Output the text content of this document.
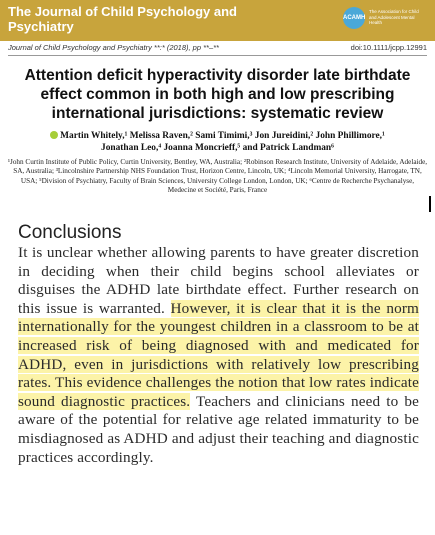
The Journal of Child Psychology and Psychiatry
ACAMH
The Association for Child and Adolescent Mental Health
Journal of Child Psychology and Psychiatry **:* (2018), pp **–**	doi:10.1111/jcpp.12991
Attention deficit hyperactivity disorder late birthdate effect common in both high and low prescribing international jurisdictions: systematic review
Martin Whitely,¹ Melissa Raven,² Sami Timimi,³ Jon Jureidini,² John Phillimore,¹
Jonathan Leo,⁴ Joanna Moncrieff,⁵ and Patrick Landman⁶
¹John Curtin Institute of Public Policy, Curtin University, Bentley, WA, Australia; ²Robinson Research Institute, University of Adelaide, Adelaide, SA, Australia; ³Lincolnshire Partnership NHS Foundation Trust, Horizon Centre, Lincoln, UK; ⁴Lincoln Memorial University, Harrogate, TN, USA; ⁵Division of Psychiatry, Faculty of Brain Sciences, University College London, London, UK; ⁶Centre de Recherche Psychanalyse, Medecine et Société, Paris, France
Conclusions
It is unclear whether allowing parents to have greater discretion in deciding when their child begins school alleviates or disguises the ADHD late birthdate effect. Further research on this issue is warranted. However, it is clear that it is the norm internationally for the youngest children in a classroom to be at increased risk of being diagnosed with and medicated for ADHD, even in jurisdictions with relatively low prescribing rates. This evidence challenges the notion that low rates indicate sound diagnostic practices. Teachers and clinicians need to be aware of the potential for relative age related immaturity to be misdiagnosed as ADHD and adjust their teaching and diagnostic practices accordingly.
